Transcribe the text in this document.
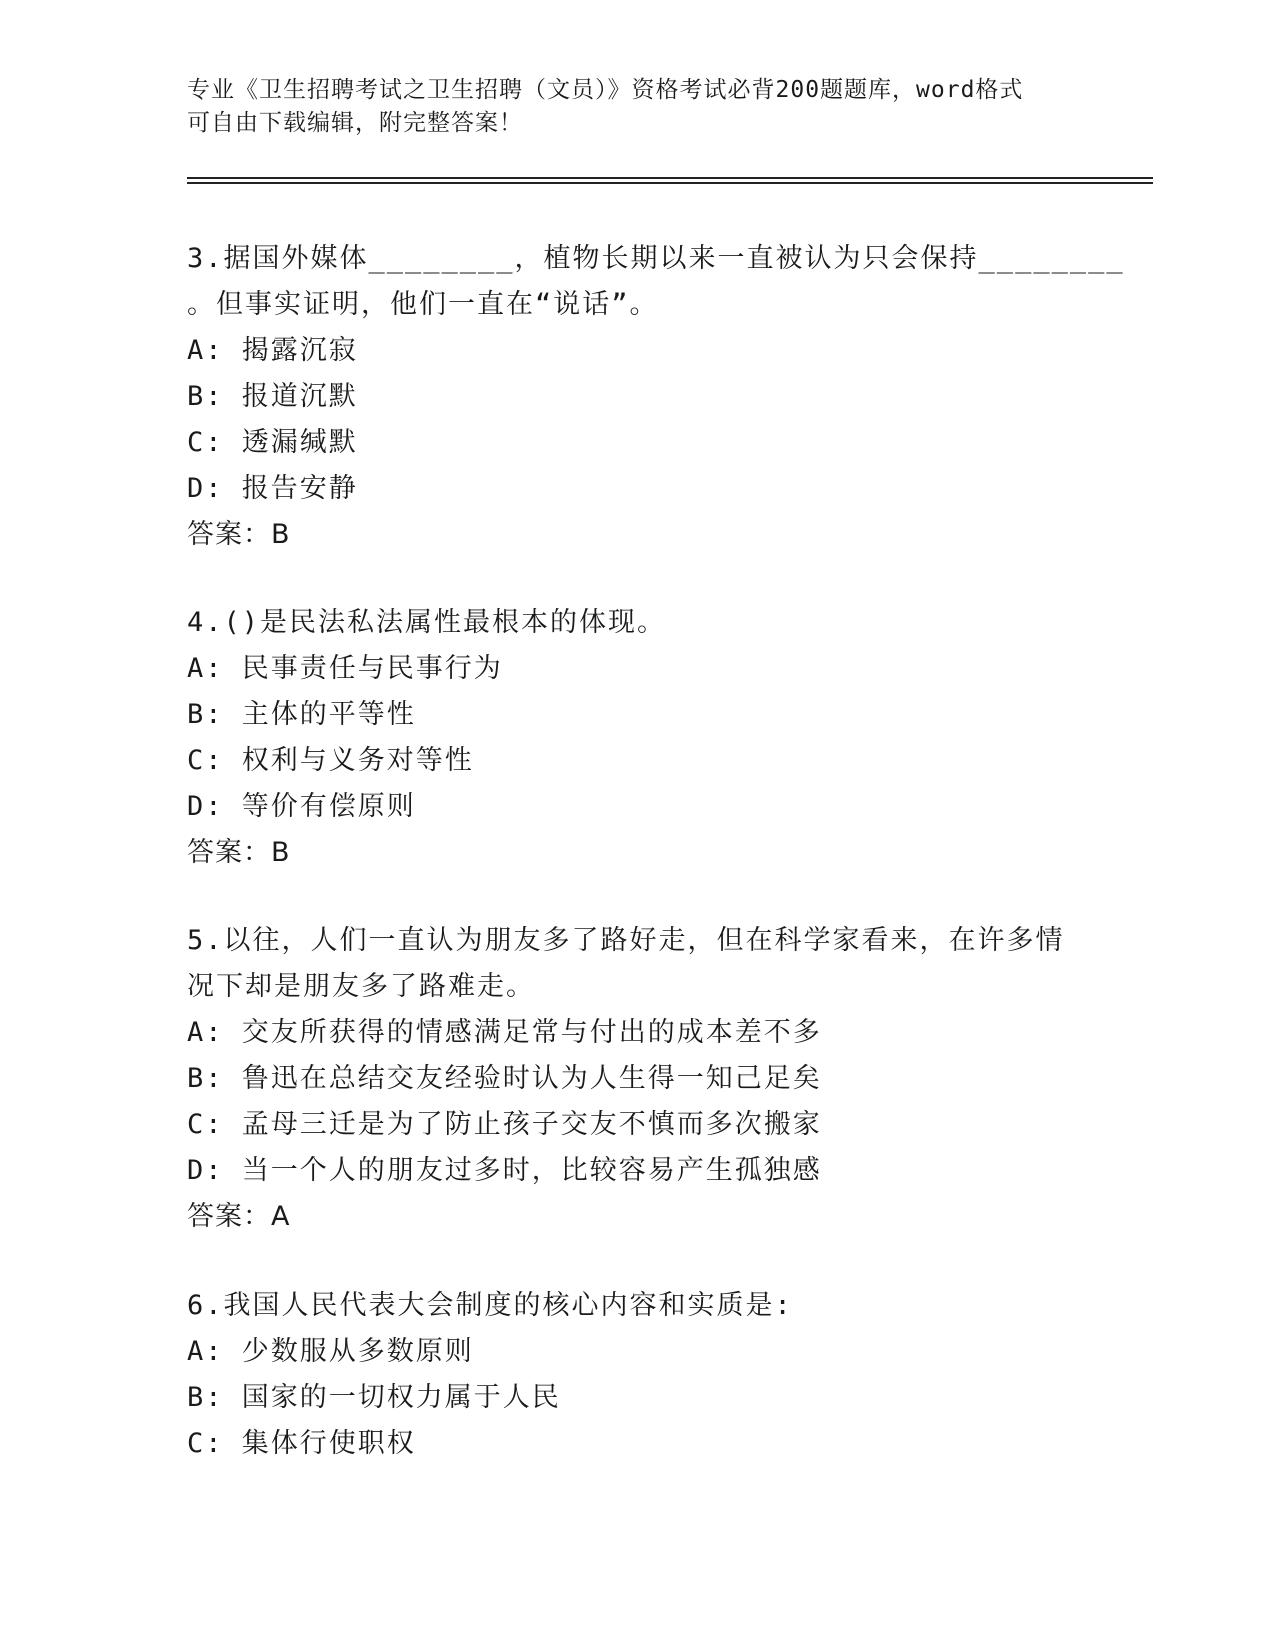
专业《卫生招聘考试之卫生招聘（文员）》资格考试必背200题题库，word格式
可自由下载编辑，附完整答案！
3.据国外媒体________，植物长期以来一直被认为只会保持________
。但事实证明，他们一直在“说话”。
A: 揭露沉寂
B: 报道沉默
C: 透漏缄默
D: 报告安静
答案：B
4.()是民法私法属性最根本的体现。
A: 民事责任与民事行为
B: 主体的平等性
C: 权利与义务对等性
D: 等价有偿原则
答案：B
5.以往，人们一直认为朋友多了路好走，但在科学家看来，在许多情
况下却是朋友多了路难走。
A: 交友所获得的情感满足常与付出的成本差不多
B: 鲁迅在总结交友经验时认为人生得一知己足矣
C: 孟母三迁是为了防止孩子交友不慎而多次搬家
D: 当一个人的朋友过多时，比较容易产生孤独感
答案：A
6.我国人民代表大会制度的核心内容和实质是:
A: 少数服从多数原则
B: 国家的一切权力属于人民
C: 集体行使职权
